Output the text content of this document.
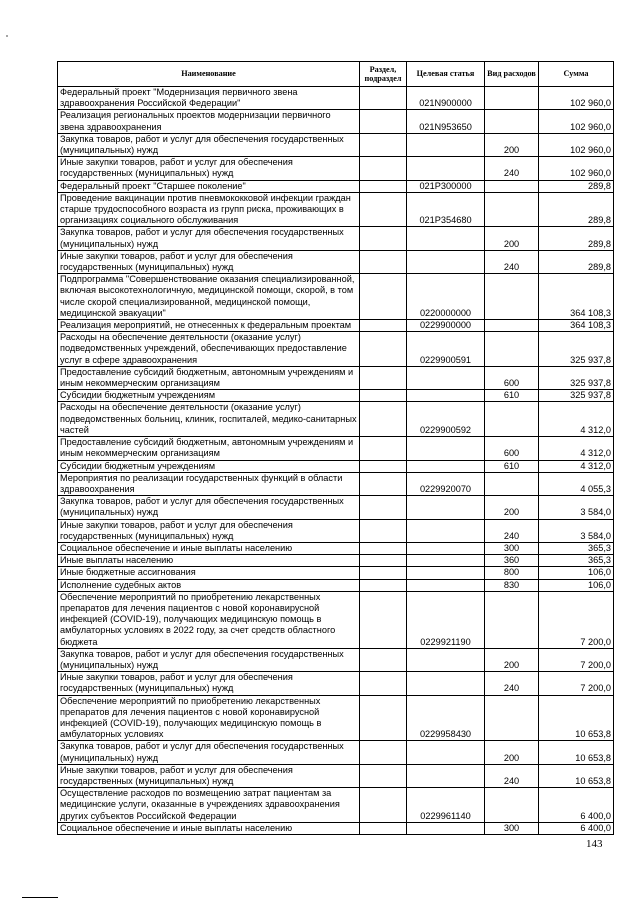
Наименование	Раздел, подраздел	Целевая статья	Вид расходов	Сумма
Федеральный проект "Модернизация первичного звена здравоохранения Российской Федерации"		021N900000		102 960,0
Реализация региональных проектов модернизации первичного звена здравоохранения		021N953650		102 960,0
Закупка товаров, работ и услуг для обеспечения государственных (муниципальных) нужд			200	102 960,0
Иные закупки товаров, работ и услуг для обеспечения государственных (муниципальных) нужд			240	102 960,0
Федеральный проект "Старшее поколение"		021P300000		289,8
Проведение вакцинации против пневмококковой инфекции граждан старше трудоспособного возраста из групп риска, проживающих в организациях социального обслуживания		021P354680		289,8
Закупка товаров, работ и услуг для обеспечения государственных (муниципальных) нужд			200	289,8
Иные закупки товаров, работ и услуг для обеспечения государственных (муниципальных) нужд			240	289,8
Подпрограмма "Совершенствование оказания специализированной, включая высокотехнологичную, медицинской помощи, скорой, в том числе скорой специализированной, медицинской помощи, медицинской эвакуации"		0220000000		364 108,3
Реализация мероприятий, не отнесенных к федеральным проектам		0229900000		364 108,3
Расходы на обеспечение деятельности (оказание услуг) подведомственных учреждений, обеспечивающих предоставление услуг в сфере здравоохранения		0229900591		325 937,8
Предоставление субсидий бюджетным, автономным учреждениям и иным некоммерческим организациям			600	325 937,8
Субсидии бюджетным учреждениям			610	325 937,8
Расходы на обеспечение деятельности (оказание услуг) подведомственных больниц, клиник, госпиталей, медико-санитарных частей		0229900592		4 312,0
Предоставление субсидий бюджетным, автономным учреждениям и иным некоммерческим организациям			600	4 312,0
Субсидии бюджетным учреждениям			610	4 312,0
Мероприятия по реализации государственных функций в области здравоохранения		0229920070		4 055,3
Закупка товаров, работ и услуг для обеспечения государственных (муниципальных) нужд			200	3 584,0
Иные закупки товаров, работ и услуг для обеспечения государственных (муниципальных) нужд			240	3 584,0
Социальное обеспечение и иные выплаты населению			300	365,3
Иные выплаты населению			360	365,3
Иные бюджетные ассигнования			800	106,0
Исполнение судебных актов			830	106,0
Обеспечение мероприятий по приобретению лекарственных препаратов для лечения пациентов с новой коронавирусной инфекцией (COVID-19), получающих медицинскую помощь в амбулаторных условиях в 2022 году, за счет средств областного бюджета		0229921190		7 200,0
Закупка товаров, работ и услуг для обеспечения государственных (муниципальных) нужд			200	7 200,0
Иные закупки товаров, работ и услуг для обеспечения государственных (муниципальных) нужд			240	7 200,0
Обеспечение мероприятий по приобретению лекарственных препаратов для лечения пациентов с новой коронавирусной инфекцией (COVID-19), получающих медицинскую помощь в амбулаторных условиях		0229958430		10 653,8
Закупка товаров, работ и услуг для обеспечения государственных (муниципальных) нужд			200	10 653,8
Иные закупки товаров, работ и услуг для обеспечения государственных (муниципальных) нужд			240	10 653,8
Осуществление расходов по возмещению затрат пациентам за медицинские услуги, оказанные в учреждениях здравоохранения других субъектов Российской Федерации		0229961140		6 400,0
Социальное обеспечение и иные выплаты населению			300	6 400,0
143
